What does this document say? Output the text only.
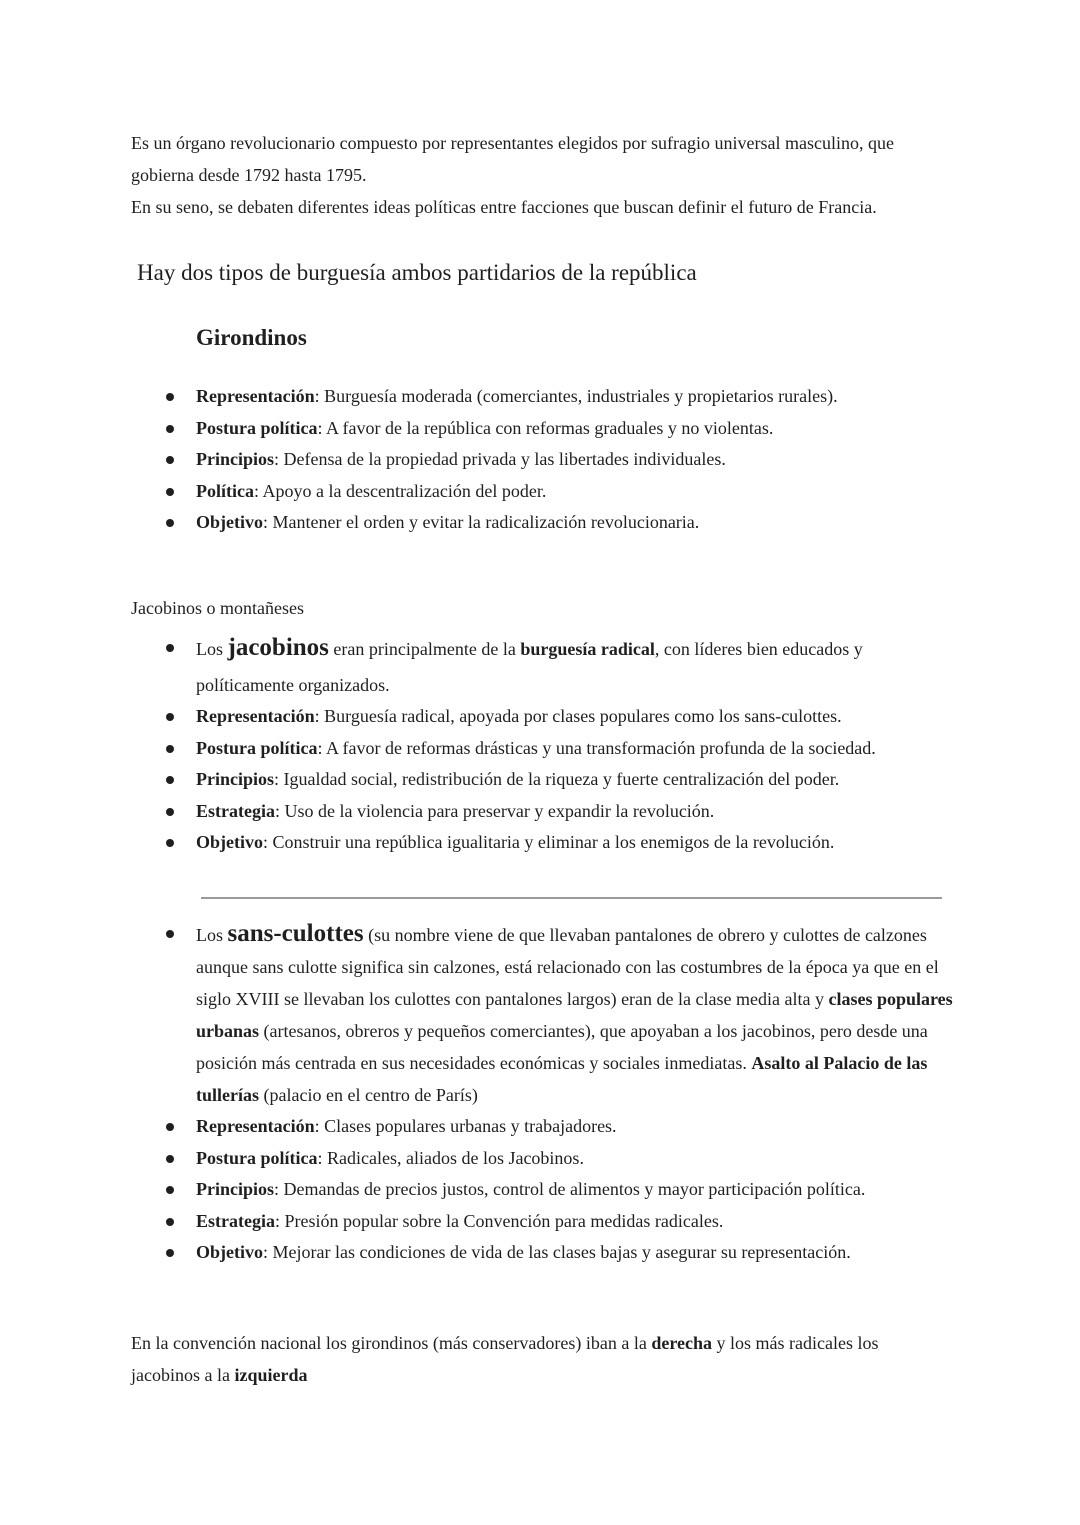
Es un órgano revolucionario compuesto por representantes elegidos por sufragio universal masculino, que gobierna desde 1792 hasta 1795.

En su seno, se debaten diferentes ideas políticas entre facciones que buscan definir el futuro de Francia.

Hay dos tipos de burguesía ambos partidarios de la república

Girondinos
Representación: Burguesía moderada (comerciantes, industriales y propietarios rurales).
Postura política: A favor de la república con reformas graduales y no violentas.
Principios: Defensa de la propiedad privada y las libertades individuales.
Política: Apoyo a la descentralización del poder.
Objetivo: Mantener el orden y evitar la radicalización revolucionaria.

Jacobinos o montañeses

Los jacobinos eran principalmente de la burguesía radical, con líderes bien educados y políticamente organizados.
Representación: Burguesía radical, apoyada por clases populares como los sans-culottes.
Postura política: A favor de reformas drásticas y una transformación profunda de la sociedad.
Principios: Igualdad social, redistribución de la riqueza y fuerte centralización del poder.
Estrategia: Uso de la violencia para preservar y expandir la revolución.
Objetivo: Construir una república igualitaria y eliminar a los enemigos de la revolución.
Los sans-culottes (su nombre viene de que llevaban pantalones de obrero y culottes de calzones aunque sans culotte significa sin calzones, está relacionado con las costumbres de la época ya que en el siglo XVIII se llevaban los culottes con pantalones largos) eran de la clase media alta y clases populares urbanas (artesanos, obreros y pequeños comerciantes), que apoyaban a los jacobinos, pero desde una posición más centrada en sus necesidades económicas y sociales inmediatas. Asalto al Palacio de las tullerías (palacio en el centro de París)
Representación: Clases populares urbanas y trabajadores.
Postura política: Radicales, aliados de los Jacobinos.
Principios: Demandas de precios justos, control de alimentos y mayor participación política.
Estrategia: Presión popular sobre la Convención para medidas radicales.
Objetivo: Mejorar las condiciones de vida de las clases bajas y asegurar su representación.

En la convención nacional los girondinos (más conservadores) iban a la derecha y los más radicales los jacobinos a la izquierda
